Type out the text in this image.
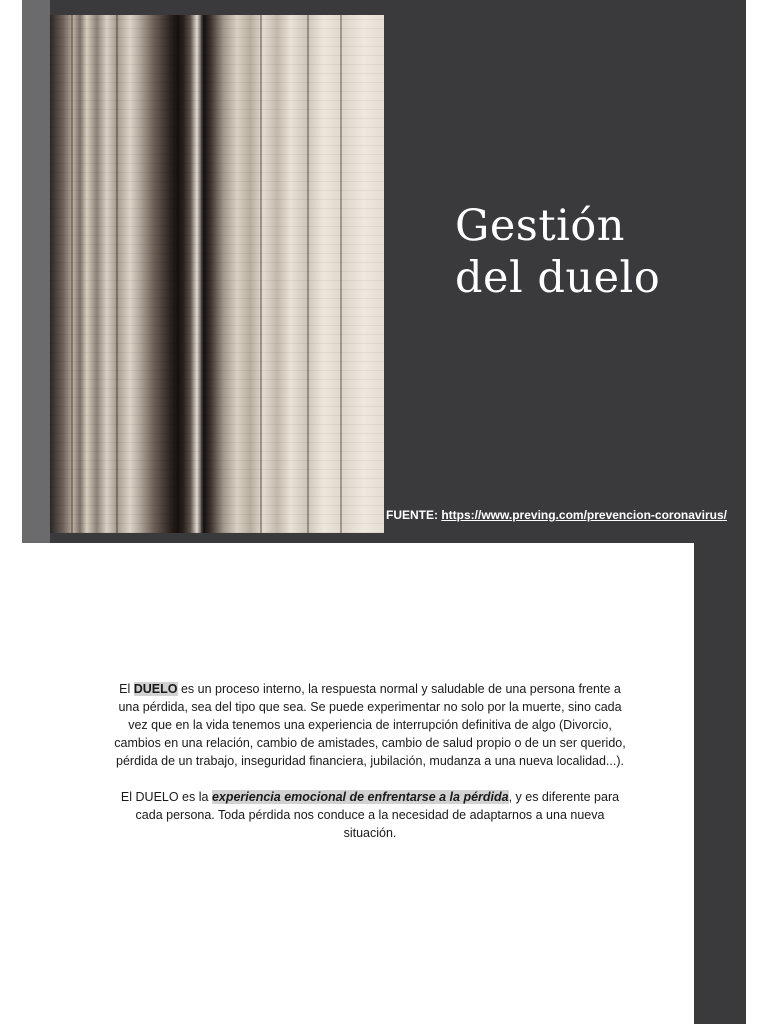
Gestión
del duelo
FUENTE: https://www.preving.com/prevencion-coronavirus/

El DUELO es un proceso interno, la respuesta normal y saludable de una persona frente a una pérdida, sea del tipo que sea. Se puede experimentar no solo por la muerte, sino cada vez que en la vida tenemos una experiencia de interrupción definitiva de algo (Divorcio, cambios en una relación, cambio de amistades, cambio de salud propio o de un ser querido, pérdida de un trabajo, inseguridad financiera, jubilación, mudanza a una nueva localidad...).

El DUELO es la experiencia emocional de enfrentarse a la pérdida, y es diferente para cada persona. Toda pérdida nos conduce a la necesidad de adaptarnos a una nueva situación.
